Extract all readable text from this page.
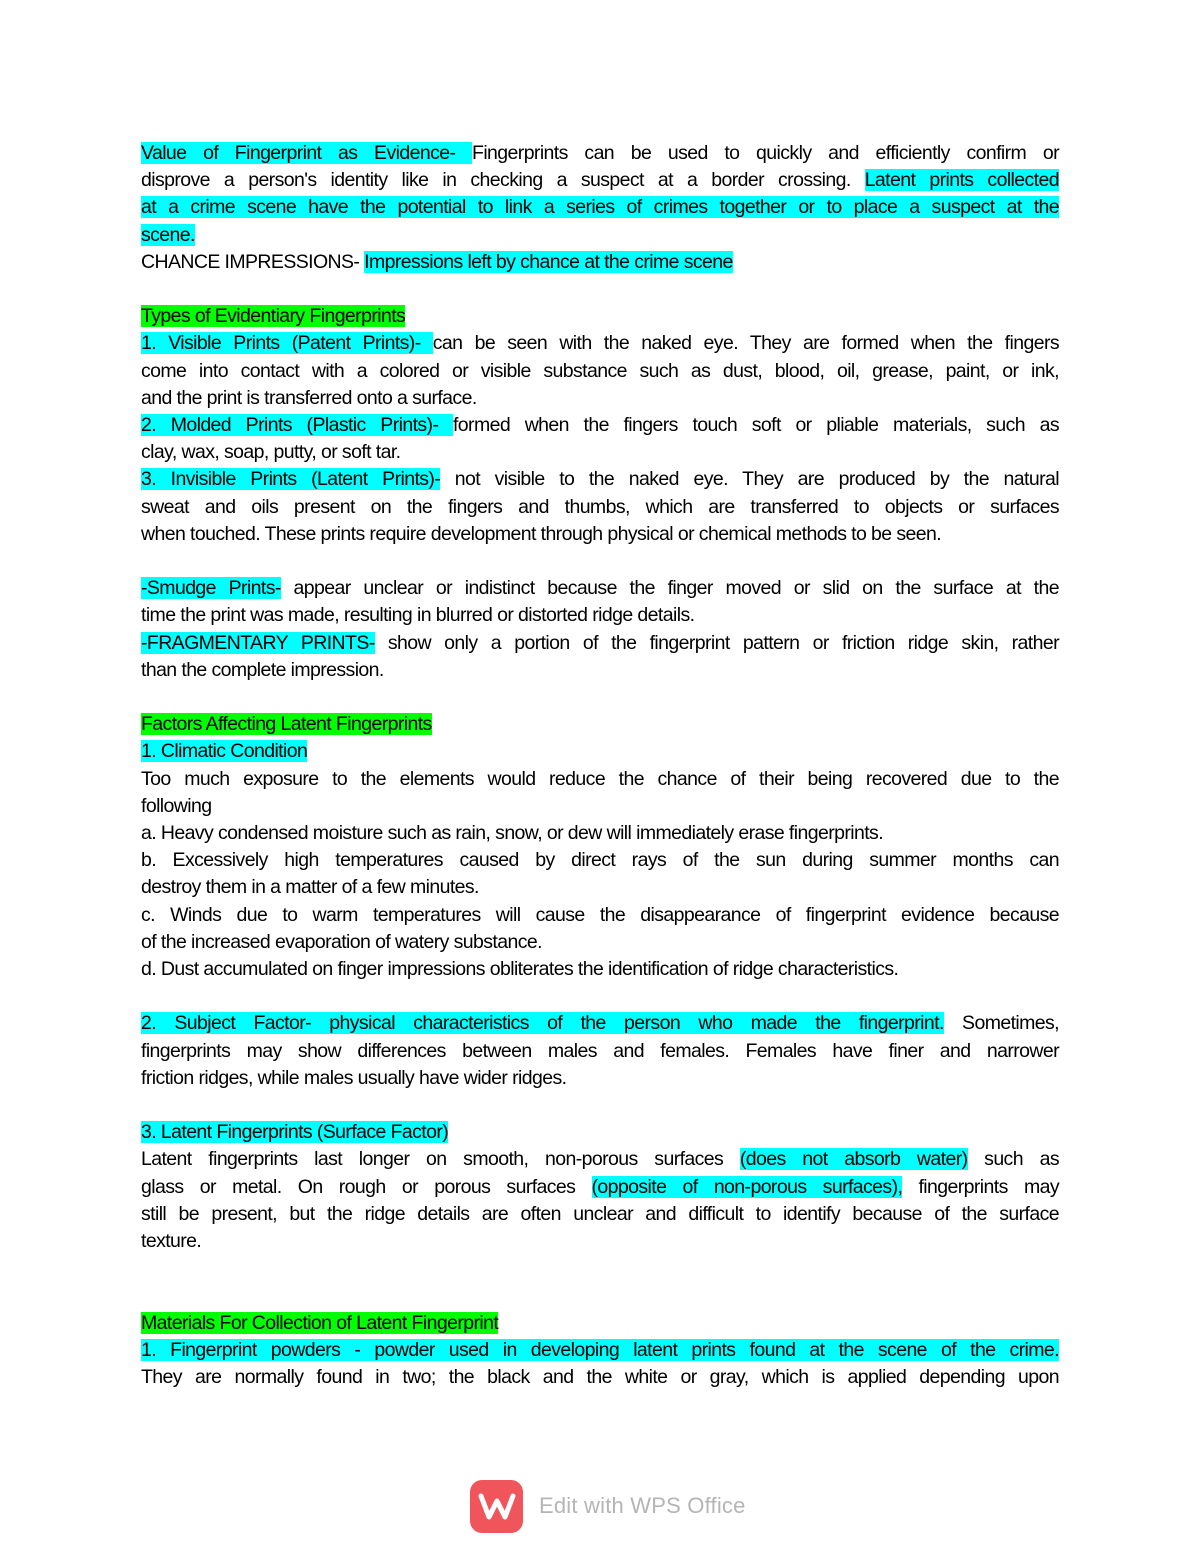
Value of Fingerprint as Evidence- Fingerprints can be used to quickly and efficiently confirm or

disprove a person's identity like in checking a suspect at a border crossing. Latent prints collected

at a crime scene have the potential to link a series of crimes together or to place a suspect at the

scene.

CHANCE IMPRESSIONS- Impressions left by chance at the crime scene

Types of Evidentiary Fingerprints

1. Visible Prints (Patent Prints)- can be seen with the naked eye. They are formed when the fingers

come into contact with a colored or visible substance such as dust, blood, oil, grease, paint, or ink,

and the print is transferred onto a surface.

2. Molded Prints (Plastic Prints)- formed when the fingers touch soft or pliable materials, such as

clay, wax, soap, putty, or soft tar.

3. Invisible Prints (Latent Prints)- not visible to the naked eye. They are produced by the natural

sweat and oils present on the fingers and thumbs, which are transferred to objects or surfaces

when touched. These prints require development through physical or chemical methods to be seen.

-Smudge Prints- appear unclear or indistinct because the finger moved or slid on the surface at the

time the print was made, resulting in blurred or distorted ridge details.

-FRAGMENTARY PRINTS- show only a portion of the fingerprint pattern or friction ridge skin, rather

than the complete impression.

Factors Affecting Latent Fingerprints

1. Climatic Condition

Too much exposure to the elements would reduce the chance of their being recovered due to the

following

a. Heavy condensed moisture such as rain, snow, or dew will immediately erase fingerprints.

b. Excessively high temperatures caused by direct rays of the sun during summer months can

destroy them in a matter of a few minutes.

c. Winds due to warm temperatures will cause the disappearance of fingerprint evidence because

of the increased evaporation of watery substance.

d. Dust accumulated on finger impressions obliterates the identification of ridge characteristics.

2. Subject Factor- physical characteristics of the person who made the fingerprint. Sometimes,

fingerprints may show differences between males and females. Females have finer and narrower

friction ridges, while males usually have wider ridges.

3. Latent Fingerprints (Surface Factor)

Latent fingerprints last longer on smooth, non-porous surfaces (does not absorb water) such as

glass or metal. On rough or porous surfaces (opposite of non-porous surfaces), fingerprints may

still be present, but the ridge details are often unclear and difficult to identify because of the surface

texture.

Materials For Collection of Latent Fingerprint

1. Fingerprint powders - powder used in developing latent prints found at the scene of the crime.

They are normally found in two; the black and the white or gray, which is applied depending upon

Edit with WPS Office
